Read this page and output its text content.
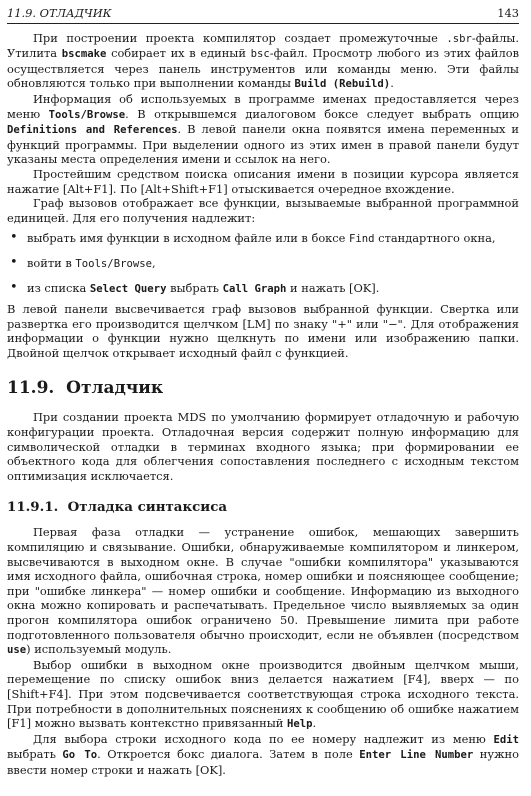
11.9. ОТЛАДЧИК	143

При построении проекта компилятор создает промежуточные .sbr-файлы. Утилита bscmake собирает их в единый bsc-файл. Просмотр любого из этих файлов осуществляется через панель инструментов или команды меню. Эти файлы обновляются только при выполнении команды Build (Rebuild).

Информация об используемых в программе именах предоставляется через меню Tools/Browse. В открывшемся диалоговом боксе следует выбрать опцию Definitions and References. В левой панели окна появятся имена переменных и функций программы. При выделении одного из этих имен в правой панели будут указаны места определения имени и ссылок на него.

Простейшим средством поиска описания имени в позиции курсора является нажатие [Alt+F1]. По [Alt+Shift+F1] отыскивается очередное вхождение.

Граф вызовов отображает все функции, вызываемые выбранной программной единицей. Для его получения надлежит:

• выбрать имя функции в исходном файле или в боксе Find стандартного окна,
• войти в Tools/Browse,
• из списка Select Query выбрать Call Graph и нажать [OK].

В левой панели высвечивается граф вызовов выбранной функции. Свертка или развертка его производится щелчком [LM] по знаку "+" или "−". Для отображения информации о функции нужно щелкнуть по имени или изображению папки. Двойной щелчок открывает исходный файл с функцией.

11.9. Отладчик

При создании проекта MDS по умолчанию формирует отладочную и рабочую конфигурации проекта. Отладочная версия содержит полную информацию для символической отладки в терминах входного языка; при формировании ее объектного кода для облегчения сопоставления последнего с исходным текстом оптимизация исключается.

11.9.1. Отладка синтаксиса

Первая фаза отладки — устранение ошибок, мешающих завершить компиляцию и связывание. Ошибки, обнаруживаемые компилятором и линкером, высвечиваются в выходном окне. В случае "ошибки компилятора" указываются имя исходного файла, ошибочная строка, номер ошибки и поясняющее сообщение; при "ошибке линкера" — номер ошибки и сообщение. Информацию из выходного окна можно копировать и распечатывать. Предельное число выявляемых за один прогон компилятора ошибок ограничено 50. Превышение лимита при работе подготовленного пользователя обычно происходит, если не объявлен (посредством use) используемый модуль.

Выбор ошибки в выходном окне производится двойным щелчком мыши, перемещение по списку ошибок вниз делается нажатием [F4], вверх — по [Shift+F4]. При этом подсвечивается соответствующая строка исходного текста. При потребности в дополнительных пояснениях к сообщению об ошибке нажатием [F1] можно вызвать контекстно привязанный Help.

Для выбора строки исходного кода по ее номеру надлежит из меню Edit выбрать Go To. Откроется бокс диалога. Затем в поле Enter Line Number нужно ввести номер строки и нажать [OK].
